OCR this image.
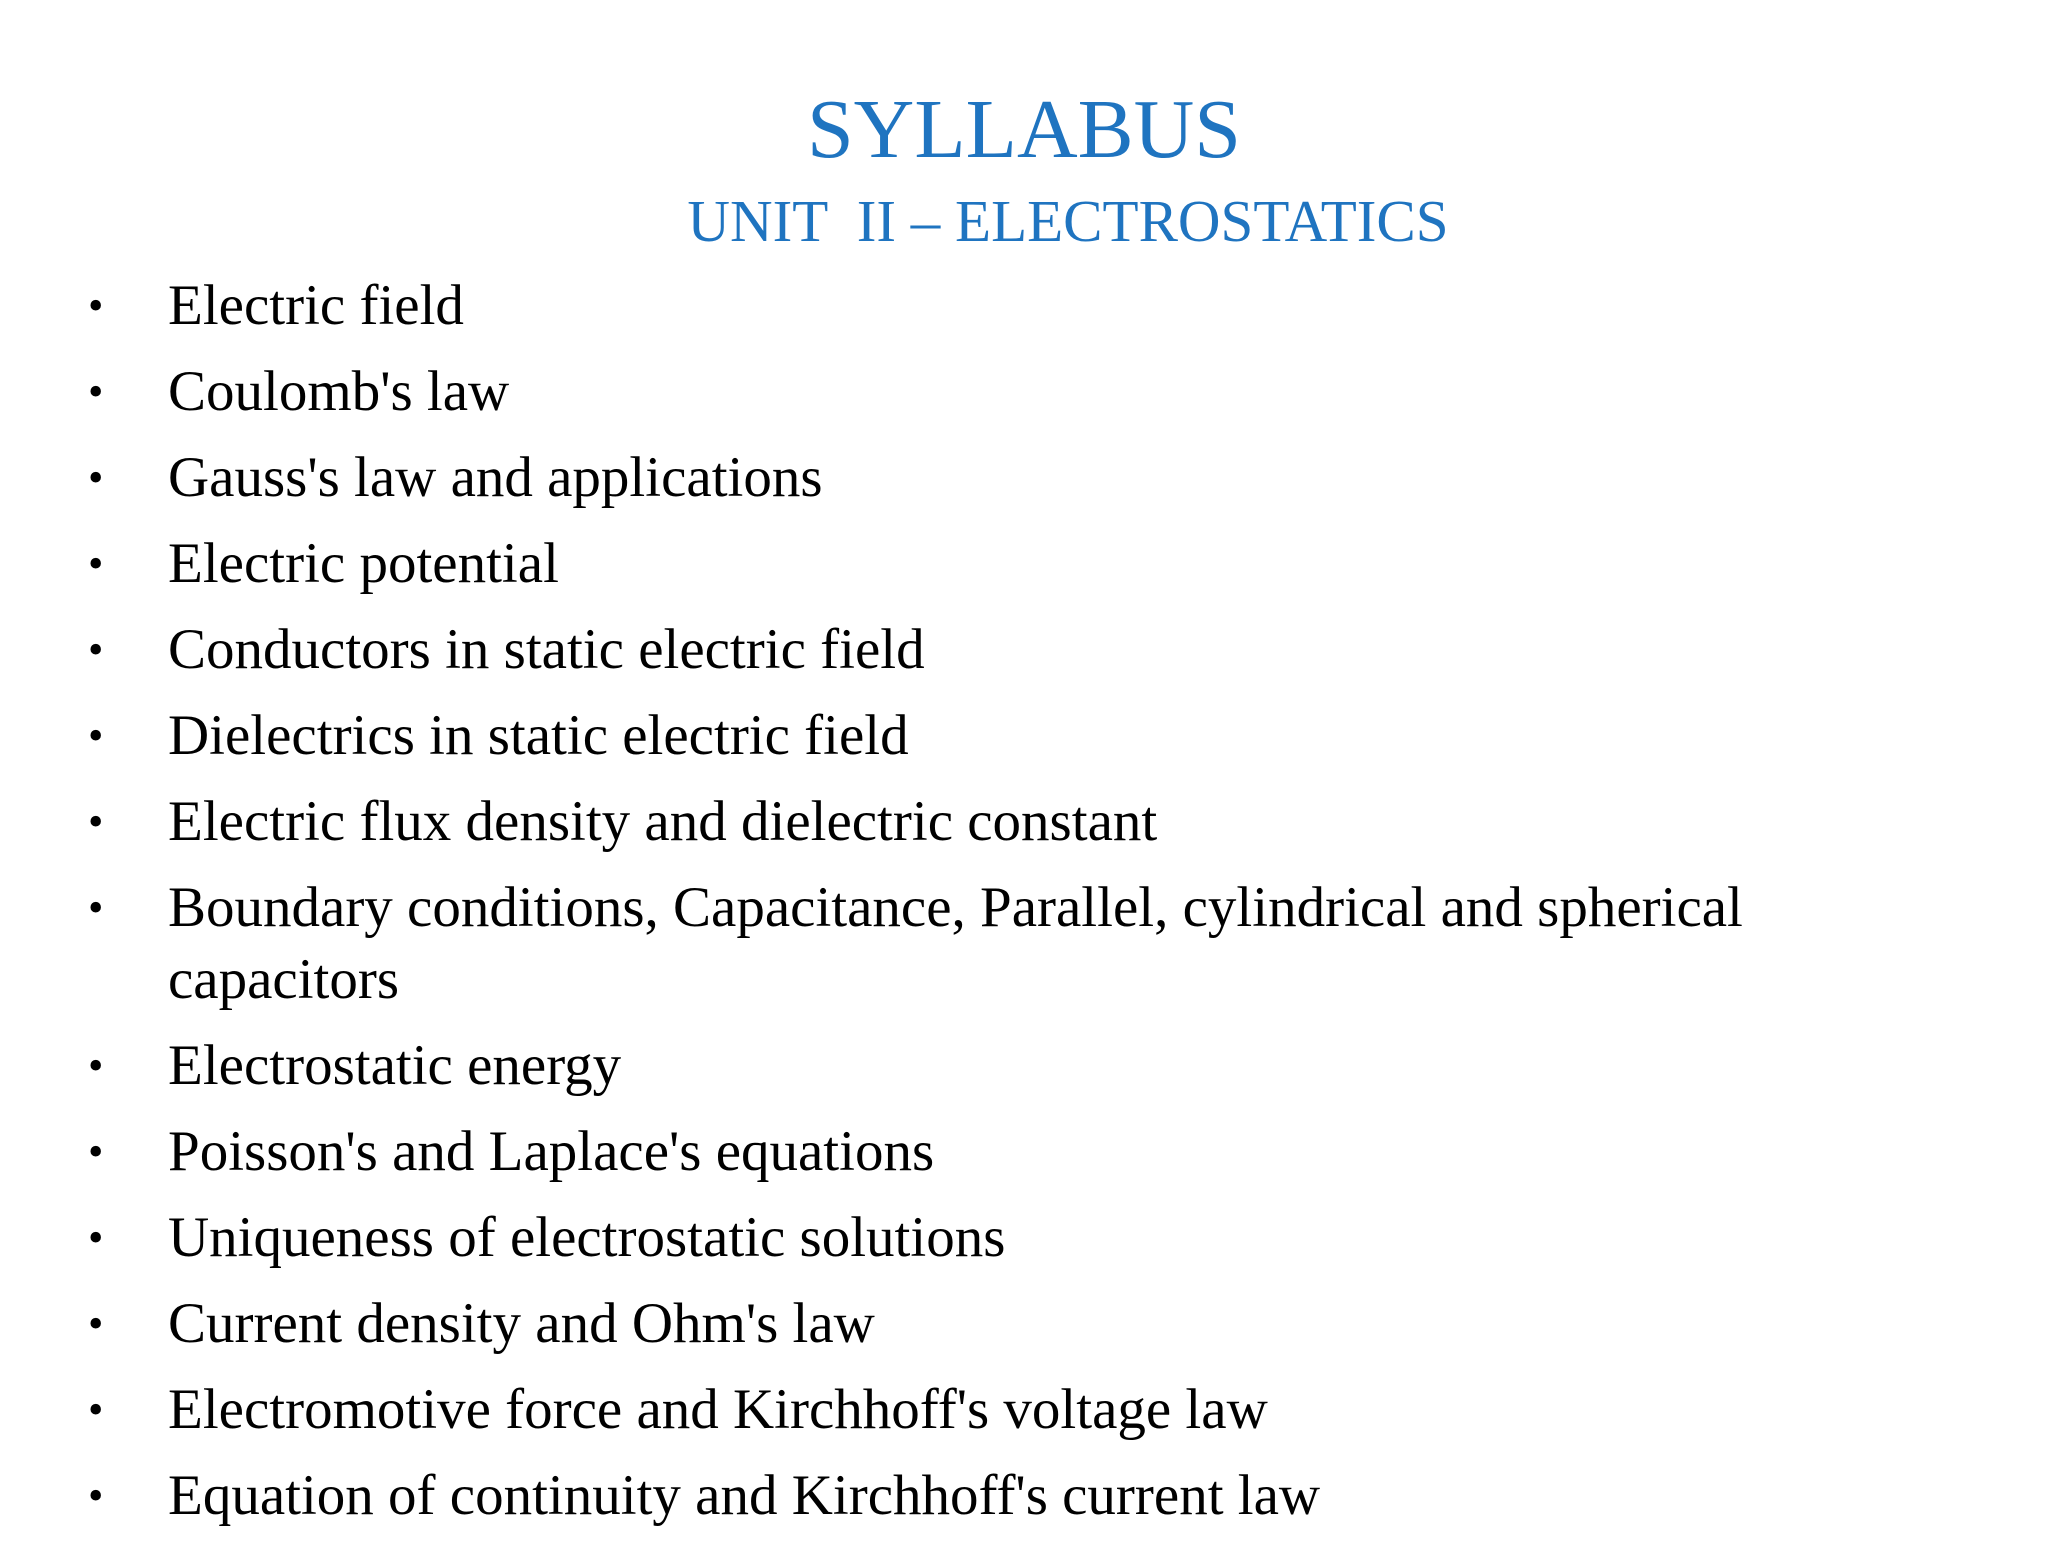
SYLLABUS
UNIT  II – ELECTROSTATICS
•	Electric field
•	Coulomb's law
•	Gauss's law and applications
•	Electric potential
•	Conductors in static electric field
•	Dielectrics in static electric field
•	Electric flux density and dielectric constant
•	Boundary conditions, Capacitance, Parallel, cylindrical and spherical capacitors
•	Electrostatic energy
•	Poisson's and Laplace's equations
•	Uniqueness of electrostatic solutions
•	Current density and Ohm's law
•	Electromotive force and Kirchhoff's voltage law
•	Equation of continuity and Kirchhoff's current law
